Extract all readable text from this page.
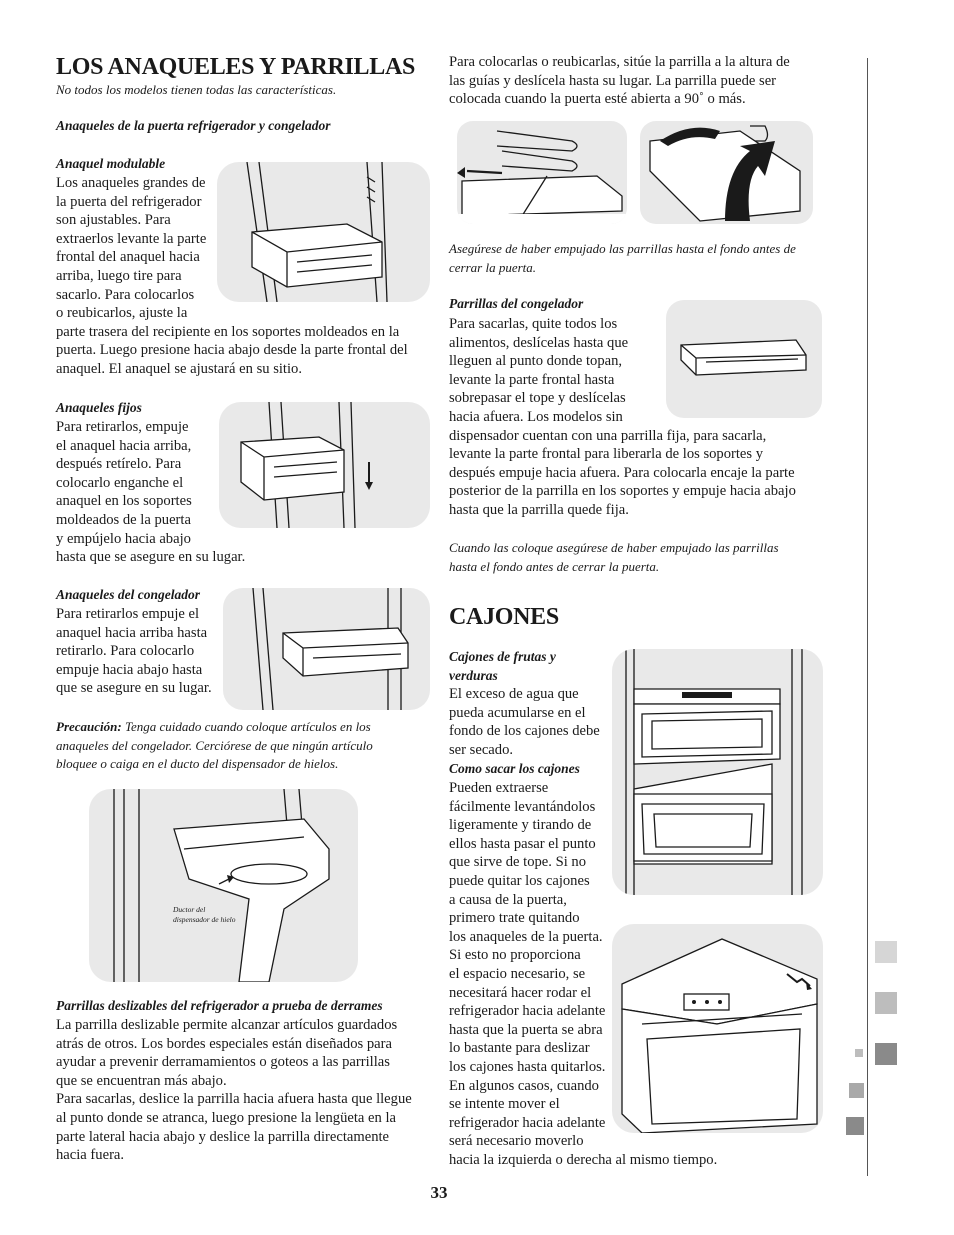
LOS ANAQUELES Y PARRILLAS
No todos los modelos tienen todas las características.
Anaqueles de la puerta refrigerador y congelador
Anaquel modulable
Los anaqueles grandes de
la puerta del refrigerador
son ajustables. Para
extraerlos levante la parte
frontal del anaquel hacia
arriba, luego tire para
sacarlo. Para colocarlos
o reubicarlos, ajuste la
parte trasera del recipiente en los soportes moldeados en la
puerta. Luego presione hacia abajo desde la parte frontal del
anaquel. El anaquel se ajustará en su sitio.
Anaqueles fijos
Para retirarlos, empuje
el anaquel hacia arriba,
después retírelo. Para
colocarlo enganche el
anaquel en los soportes
moldeados de la puerta
y empújelo hacia abajo
hasta que se asegure en su lugar.
Anaqueles del congelador
Para retirarlos empuje el
anaquel hacia arriba hasta
retirarlo. Para colocarlo
empuje hacia abajo hasta
que se asegure en su lugar.
Precaución: Tenga cuidado cuando coloque artículos en los
anaqueles del congelador. Cerciórese de que ningún artículo
bloquee o caiga en el ducto del dispensador de hielos.
Ductor del
dispensador de hielo
Parrillas deslizables del refrigerador a prueba de derrames
La parrilla deslizable permite alcanzar artículos guardados
atrás de otros. Los bordes especiales están diseñados para
ayudar a prevenir derramamientos o goteos a las parrillas
que se encuentran más abajo.
Para sacarlas, deslice la parrilla hacia afuera hasta que llegue
al punto donde se atranca, luego presione la lengüeta en la
parte lateral hacia abajo y deslice la parrilla directamente
hacia fuera.
Para colocarlas o reubicarlas, sitúe la parrilla a la altura de
las guías y deslícela hasta su lugar. La parrilla puede ser
colocada cuando la puerta esté abierta a 90˚ o más.
Asegúrese de haber empujado las parrillas hasta el fondo antes de
cerrar la puerta.
Parrillas del congelador
Para sacarlas, quite todos los
alimentos, deslícelas hasta que
lleguen al punto donde topan,
levante la parte frontal hasta
sobrepasar el tope y deslícelas
hacia afuera. Los modelos sin
dispensador cuentan con una parrilla fija, para sacarla,
levante la parte frontal para liberarla de los soportes y
después empuje hacia afuera. Para colocarla encaje la parte
posterior de la parrilla en los soportes y empuje hacia abajo
hasta que la parrilla quede fija.
Cuando las coloque asegúrese de haber empujado las parrillas
hasta el fondo antes de cerrar la puerta.
CAJONES
Cajones de frutas y
verduras
El exceso de agua que
pueda acumularse en el
fondo de los cajones debe
ser secado.
Como sacar los cajones
Pueden extraerse
fácilmente levantándolos
ligeramente y tirando de
ellos hasta pasar el punto
que sirve de tope. Si no
puede quitar los cajones
a causa de la puerta,
primero trate quitando
los anaqueles de la puerta.
Si esto no proporciona
el espacio necesario, se
necesitará hacer rodar el
refrigerador hacia adelante
hasta que la puerta se abra
lo bastante para deslizar
los cajones hasta quitarlos.
En algunos casos, cuando
se intente mover el
refrigerador hacia adelante
será necesario moverlo
hacia la izquierda o derecha al mismo tiempo.
33
